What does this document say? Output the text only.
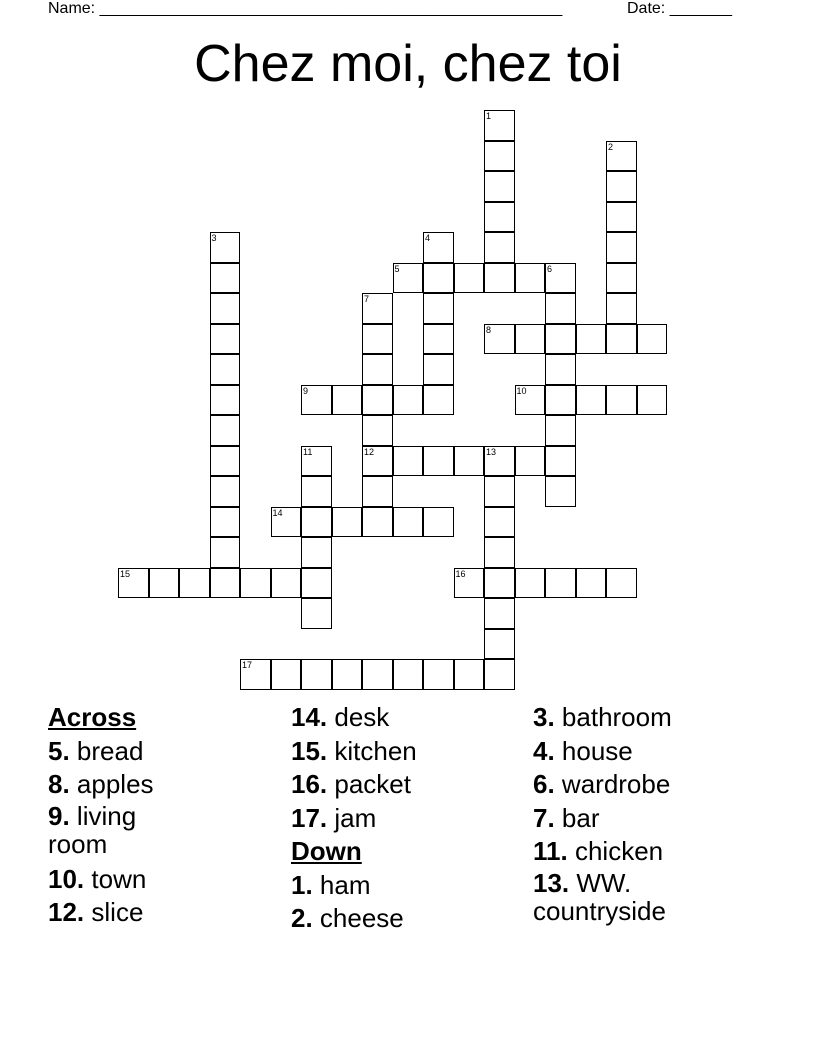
Name: ____________________________________________________	Date: _______
Chez moi, chez toi
1
2
3	4
5	6
7
12
8
9	10
11	13
14
15	16
17
Across
5. bread
8. apples
9. living room
10. town
12. slice
14. desk
15. kitchen
16. packet
17. jam
Down
1. ham
2. cheese
3. bathroom
4. house
6. wardrobe
7. bar
11. chicken
13. WW. countryside
